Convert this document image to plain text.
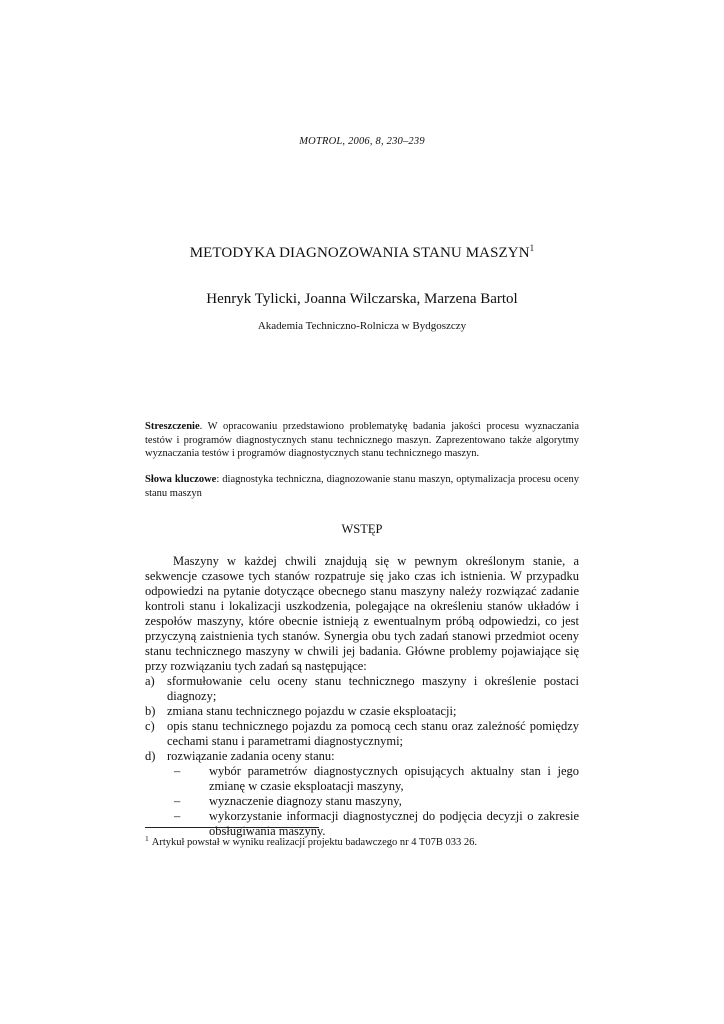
MOTROL, 2006, 8, 230–239
METODYKA DIAGNOZOWANIA STANU MASZYN$^1$
Henryk Tylicki, Joanna Wilczarska, Marzena Bartol
Akademia Techniczno-Rolnicza w Bydgoszczy
Streszczenie. W opracowaniu przedstawiono problematykę badania jakości procesu wyznaczania testów i programów diagnostycznych stanu technicznego maszyn. Zaprezentowano także algorytmy wyznaczania testów i programów diagnostycznych stanu technicznego maszyn.
Słowa kluczowe: diagnostyka techniczna, diagnozowanie stanu maszyn, optymalizacja procesu oceny stanu maszyn
WSTĘP

Maszyny w każdej chwili znajdują się w pewnym określonym stanie, a sekwencje czasowe tych stanów rozpatruje się jako czas ich istnienia. W przypadku odpowiedzi na pytanie dotyczące obecnego stanu maszyny należy rozwiązać zadanie kontroli stanu i lokalizacji uszkodzenia, polegające na określeniu stanów układów i zespołów maszyny, które obecnie istnieją z ewentualnym próbą odpowiedzi, co jest przyczyną zaistnienia tych stanów. Synergia obu tych zadań stanowi przedmiot oceny stanu technicznego maszyny w chwili jej badania. Główne problemy pojawiające się przy rozwiązaniu tych zadań są następujące:

a) sformułowanie celu oceny stanu technicznego maszyny i określenie postaci diagnozy;
b) zmiana stanu technicznego pojazdu w czasie eksploatacji;
c) opis stanu technicznego pojazdu za pomocą cech stanu oraz zależność pomiędzy cechami stanu i parametrami diagnostycznymi;
d) rozwiązanie zadania oceny stanu:
– wybór parametrów diagnostycznych opisujących aktualny stan i jego zmianę w czasie eksploatacji maszyny,
– wyznaczenie diagnozy stanu maszyny,
– wykorzystanie informacji diagnostycznej do podjęcia decyzji o zakresie obsługiwania maszyny.
$^1$ Artykuł powstał w wyniku realizacji projektu badawczego nr 4 T07B 033 26.
